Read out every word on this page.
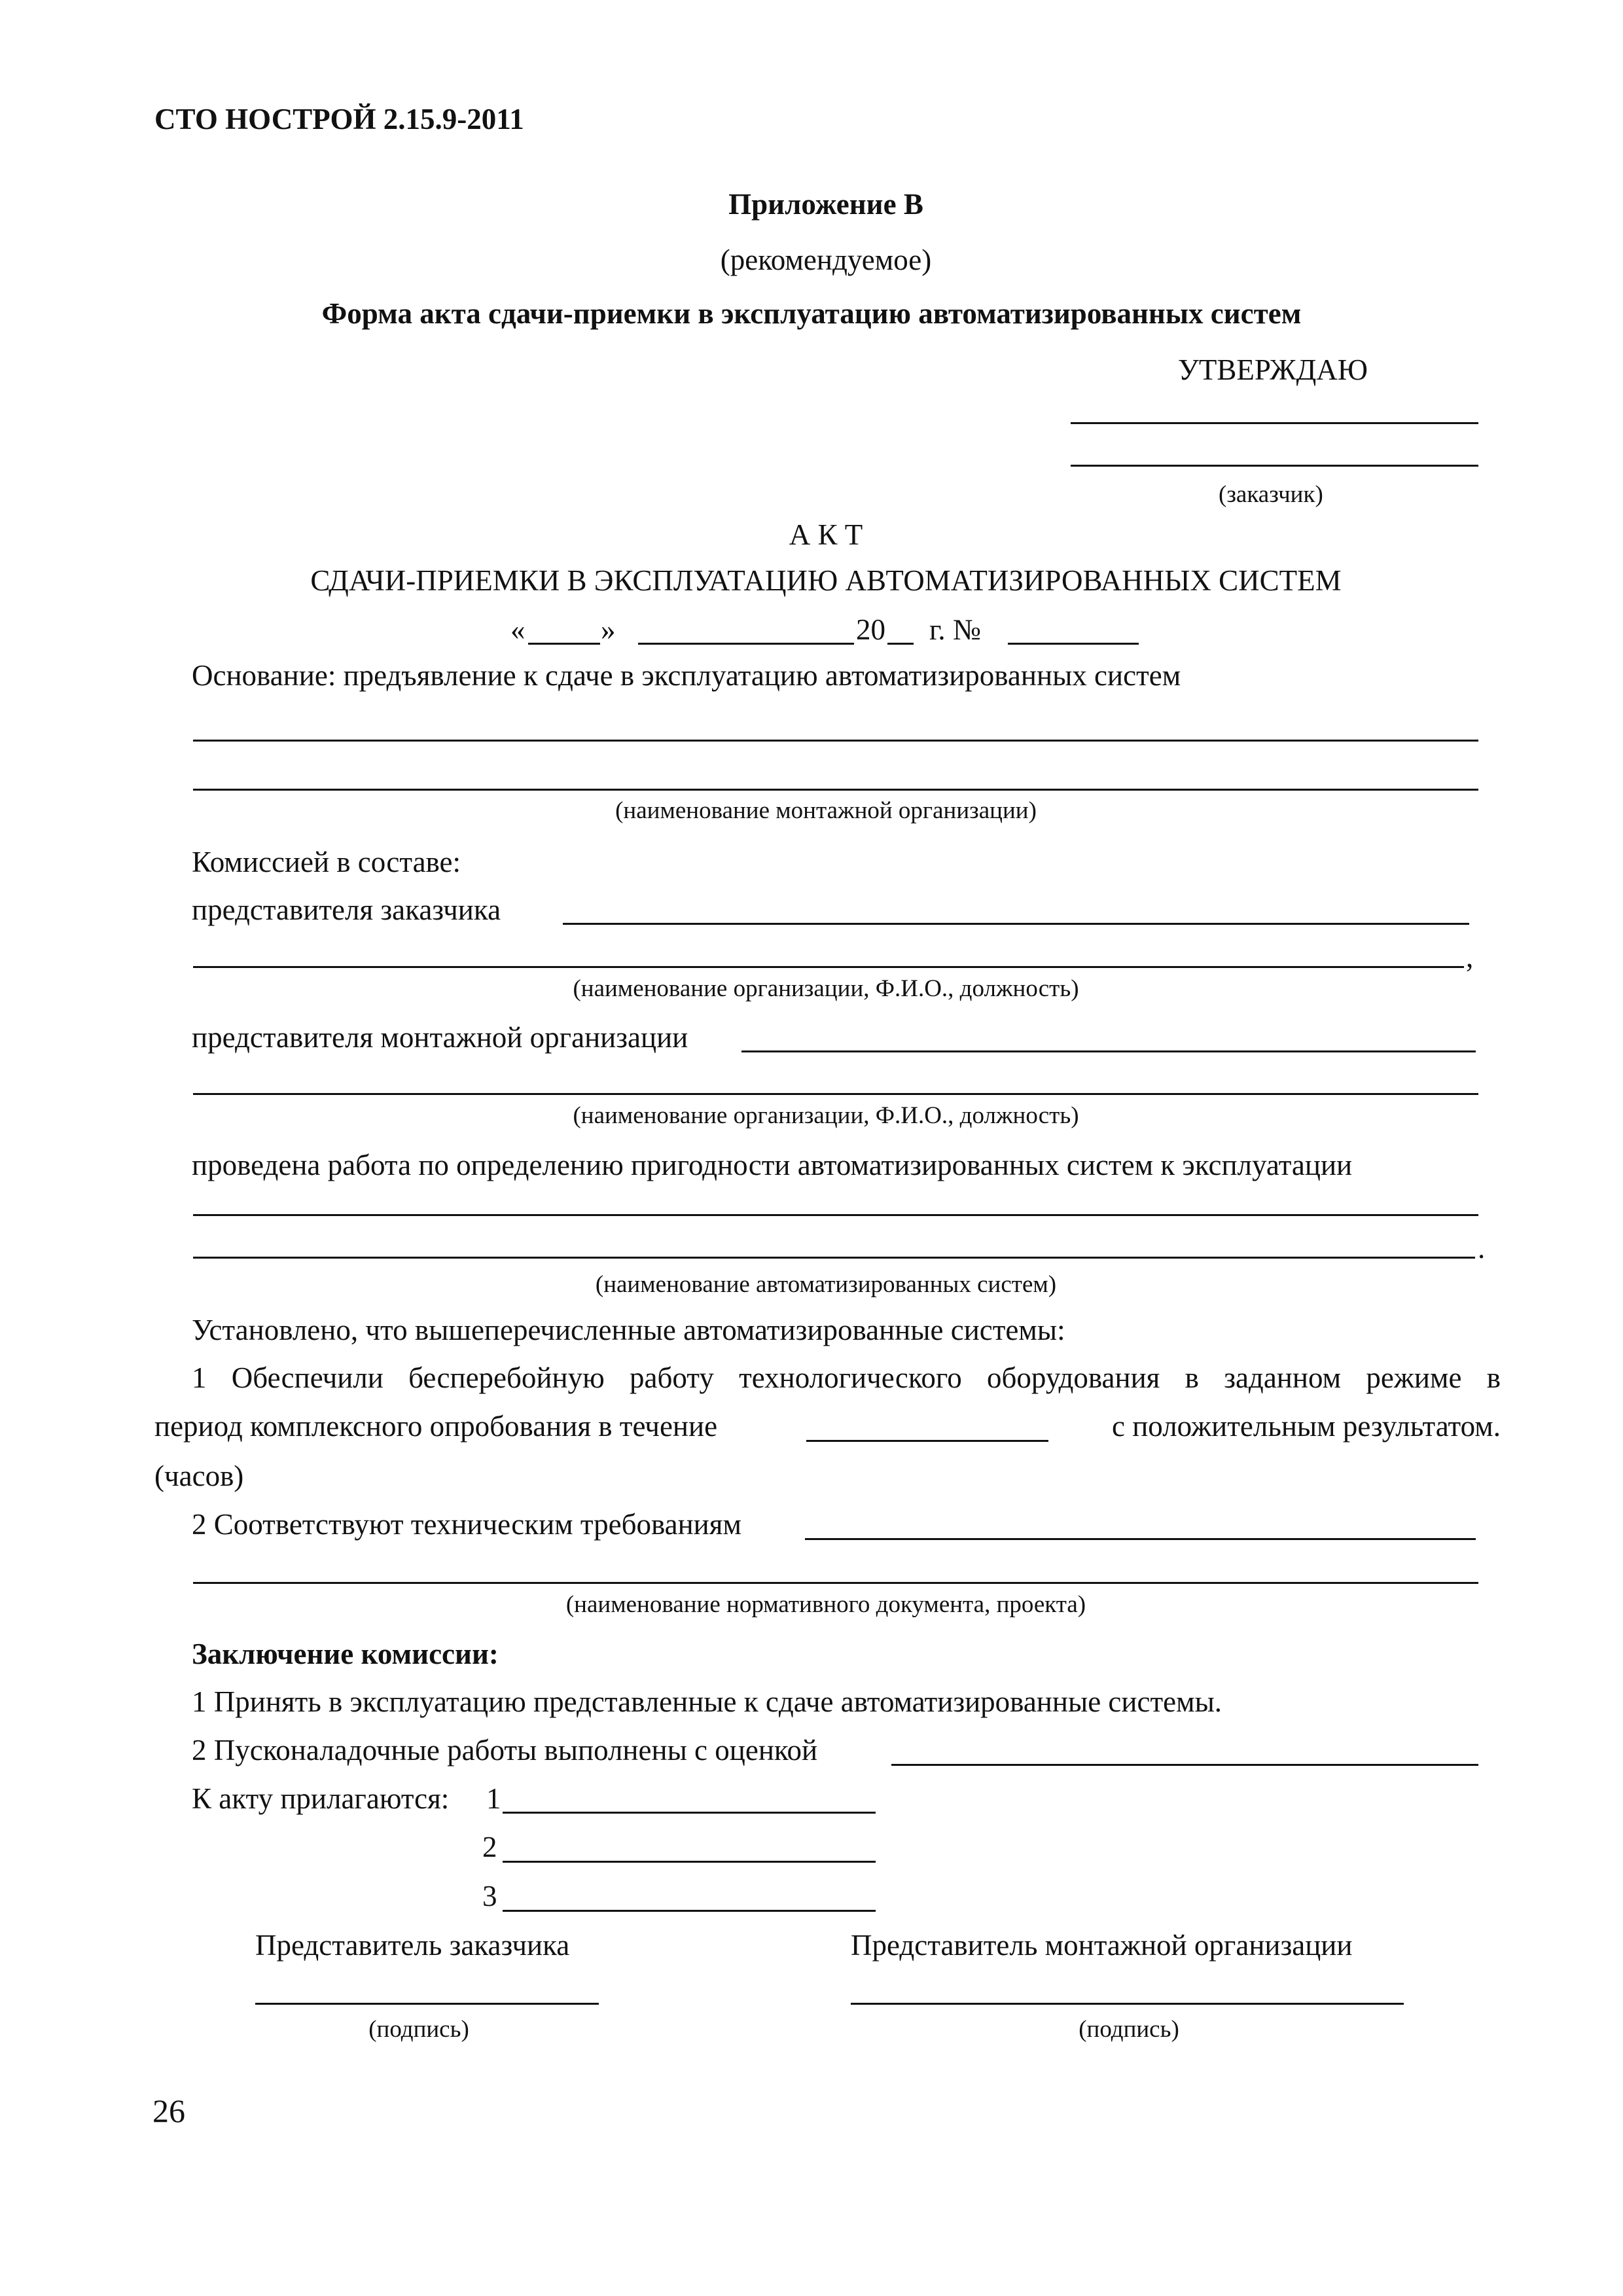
СТО НОСТРОЙ 2.15.9-2011
Приложение В
(рекомендуемое)
Форма акта сдачи-приемки в эксплуатацию автоматизированных систем
УТВЕРЖДАЮ
(заказчик)
А К Т
СДАЧИ-ПРИЕМКИ В ЭКСПЛУАТАЦИЮ АВТОМАТИЗИРОВАННЫХ СИСТЕМ
«	»	20 г. №
Основание: предъявление к сдаче в эксплуатацию автоматизированных систем
(наименование монтажной организации)
Комиссией в составе:
представителя заказчика
,
(наименование организации, Ф.И.О., должность)
представителя монтажной организации
(наименование организации, Ф.И.О., должность)
проведена работа по определению пригодности автоматизированных систем к эксплуатации
.
(наименование автоматизированных систем)
Установлено, что вышеперечисленные автоматизированные системы:
1 Обеспечили бесперебойную работу технологического оборудования в заданном режиме в
период комплексного опробования в течение	с положительным результатом.
(часов)
2 Соответствуют техническим требованиям
(наименование нормативного документа, проекта)
Заключение комиссии:
1 Принять в эксплуатацию представленные к сдаче автоматизированные системы.
2 Пусконаладочные работы выполнены с оценкой
К акту прилагаются: 1
2
3
Представитель заказчика
(подпись)
Представитель монтажной организации
(подпись)
26
